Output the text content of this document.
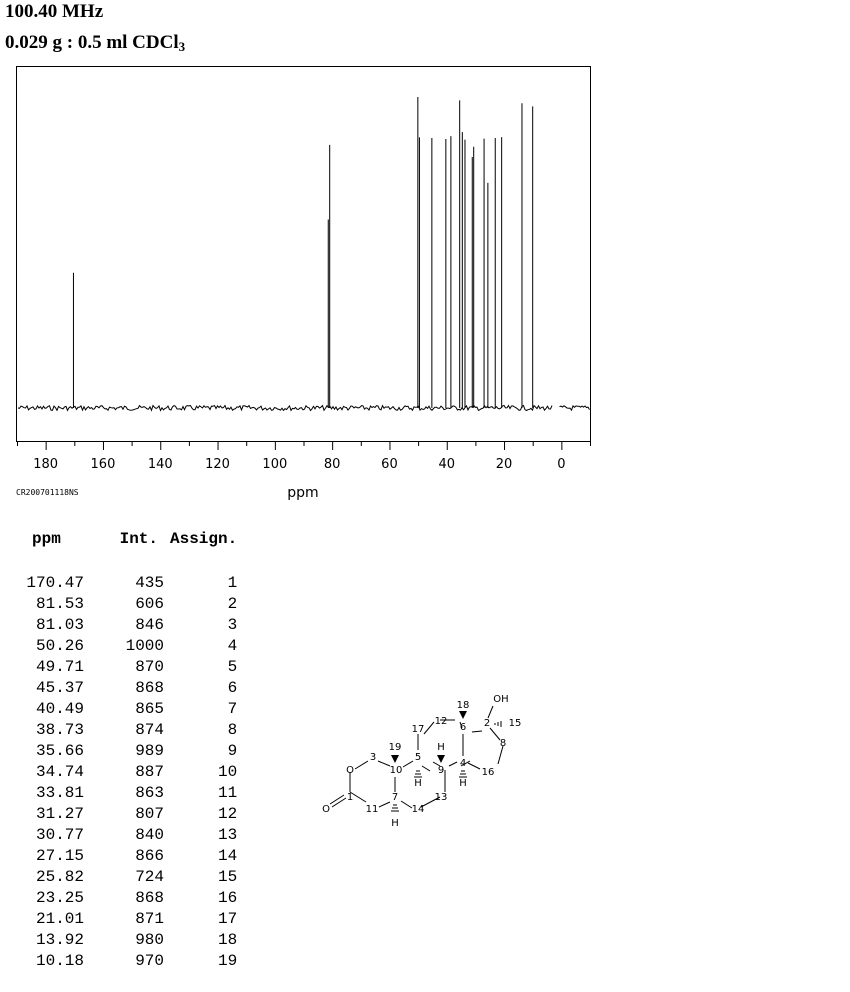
100.40 MHz
0.029 g : 0.5 ml CDCl$_3$
180 160 140 120 100	80	60	40	20	0
CR200701118NS	ppm
ppm	Int.	Assign.

170.47	435	1
81.53	606	2
81.03	846	3
50.26	1000	4
49.71	870	5
45.37	868	6
40.49	865	7
38.73	874	8
35.66	989	9
34.74	887	10
33.81	863	11
31.27	807	12
30.77	840	13
27.15	866	14
25.82	724	15
23.25	868	16
21.01	871	17
13.92	980	18
10.18	970	19
O
O
1
3
7
10
11
5
9
4
6 2
8
12
13
14
16
17
18
19
15
H
H
H
H
OH
